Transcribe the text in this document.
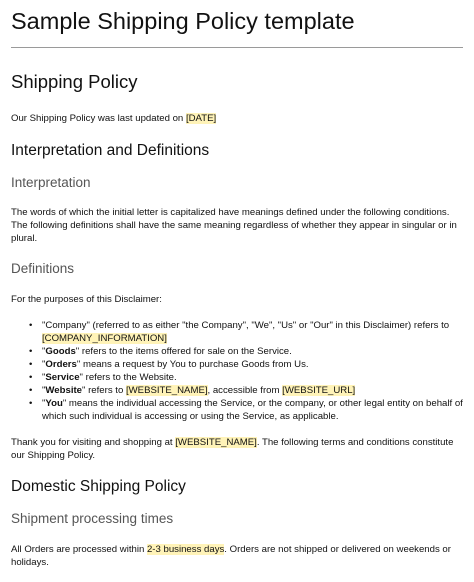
Sample Shipping Policy template
Shipping Policy
Our Shipping Policy was last updated on [DATE]
Interpretation and Definitions
Interpretation
The words of which the initial letter is capitalized have meanings defined under the following conditions.
The following definitions shall have the same meaning regardless of whether they appear in singular or in
plural.
Definitions
For the purposes of this Disclaimer:
• "Company" (referred to as either "the Company", "We", "Us" or "Our" in this Disclaimer) refers to
[COMPANY_INFORMATION]
• "Goods" refers to the items offered for sale on the Service.
• "Orders" means a request by You to purchase Goods from Us.
• "Service" refers to the Website.
• "Website" refers to [WEBSITE_NAME], accessible from [WEBSITE_URL]
• "You" means the individual accessing the Service, or the company, or other legal entity on behalf of
which such individual is accessing or using the Service, as applicable.
Thank you for visiting and shopping at [WEBSITE_NAME]. The following terms and conditions constitute
our Shipping Policy.
Domestic Shipping Policy
Shipment processing times
All Orders are processed within 2-3 business days. Orders are not shipped or delivered on weekends or
holidays.
